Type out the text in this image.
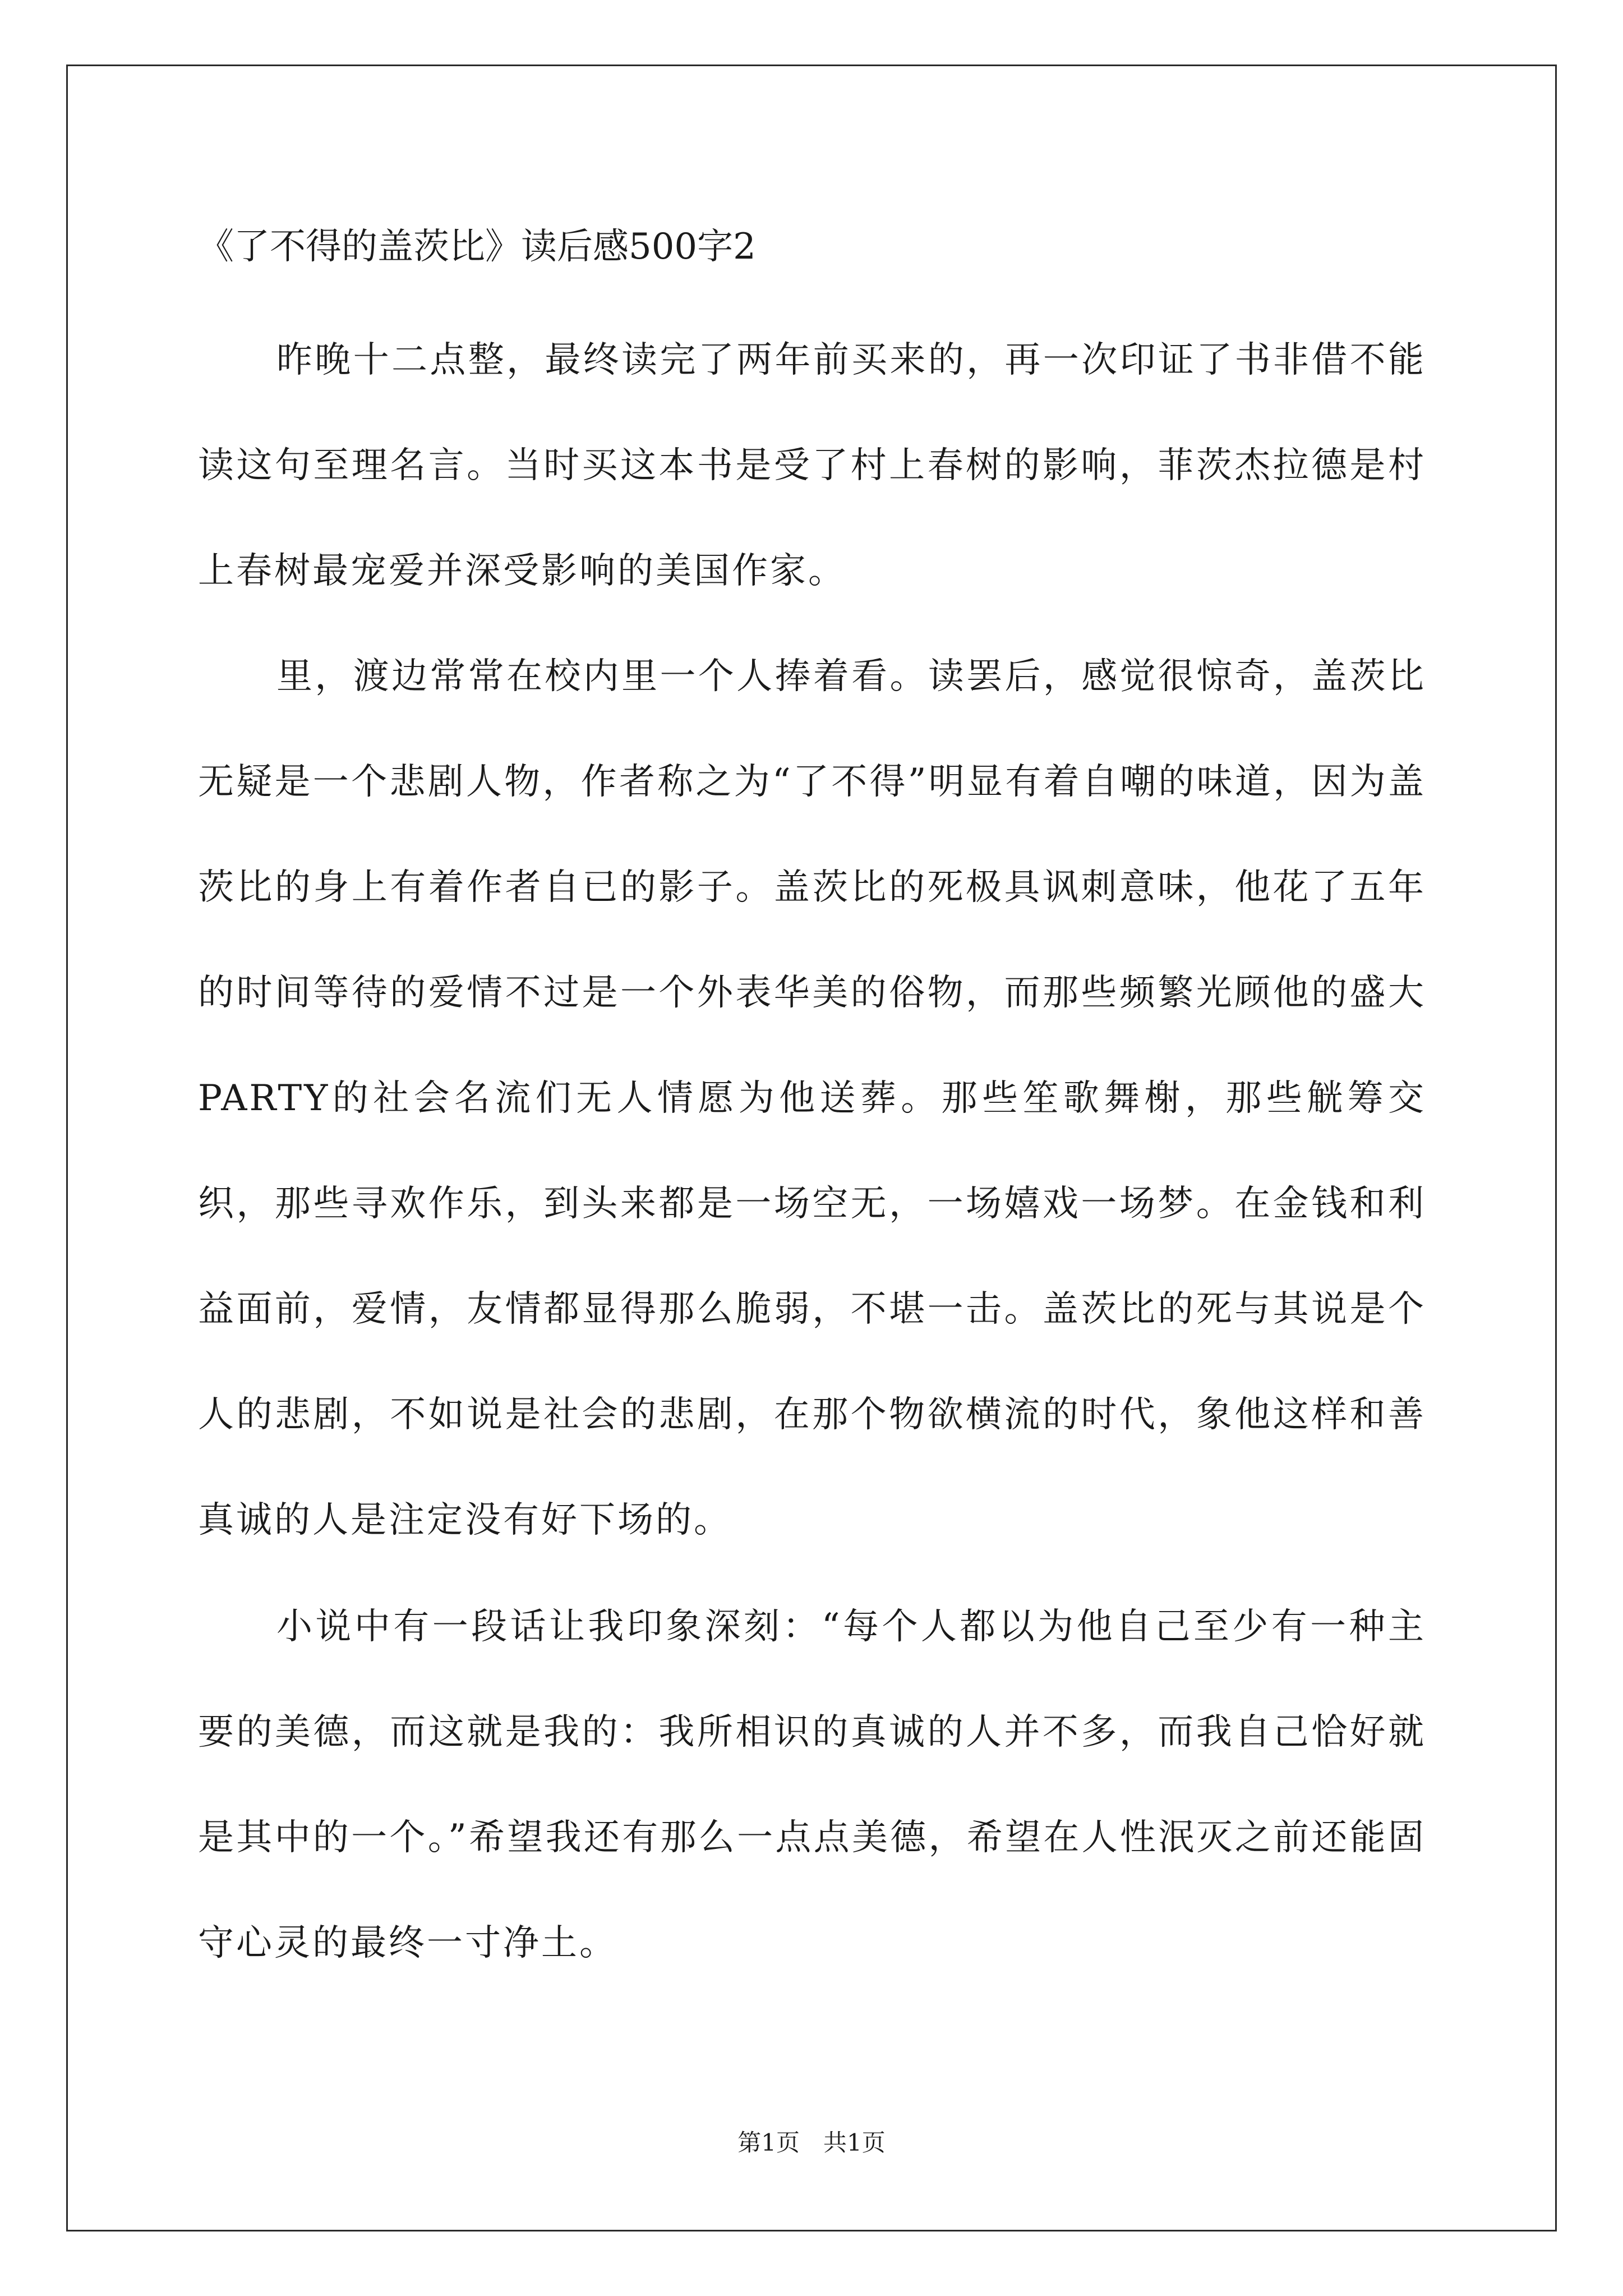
《了不得的盖茨比》读后感500字2

昨晚十二点整，最终读完了两年前买来的，再一次印证了书非借不能读这句至理名言。当时买这本书是受了村上春树的影响，菲茨杰拉德是村上春树最宠爱并深受影响的美国作家。

里，渡边常常在校内里一个人捧着看。读罢后，感觉很惊奇，盖茨比无疑是一个悲剧人物，作者称之为“了不得”明显有着自嘲的味道，因为盖茨比的身上有着作者自已的影子。盖茨比的死极具讽刺意味，他花了五年的时间等待的爱情不过是一个外表华美的俗物，而那些频繁光顾他的盛大PARTY的社会名流们无人情愿为他送葬。那些笙歌舞榭，那些觥筹交织，那些寻欢作乐，到头来都是一场空无，一场嬉戏一场梦。在金钱和利益面前，爱情，友情都显得那么脆弱，不堪一击。盖茨比的死与其说是个人的悲剧，不如说是社会的悲剧，在那个物欲横流的时代，象他这样和善真诚的人是注定没有好下场的。

小说中有一段话让我印象深刻：“每个人都以为他自己至少有一种主要的美德，而这就是我的：我所相识的真诚的人并不多，而我自己恰好就是其中的一个。”希望我还有那么一点点美德，希望在人性泯灭之前还能固守心灵的最终一寸净土。

第1页　共1页
